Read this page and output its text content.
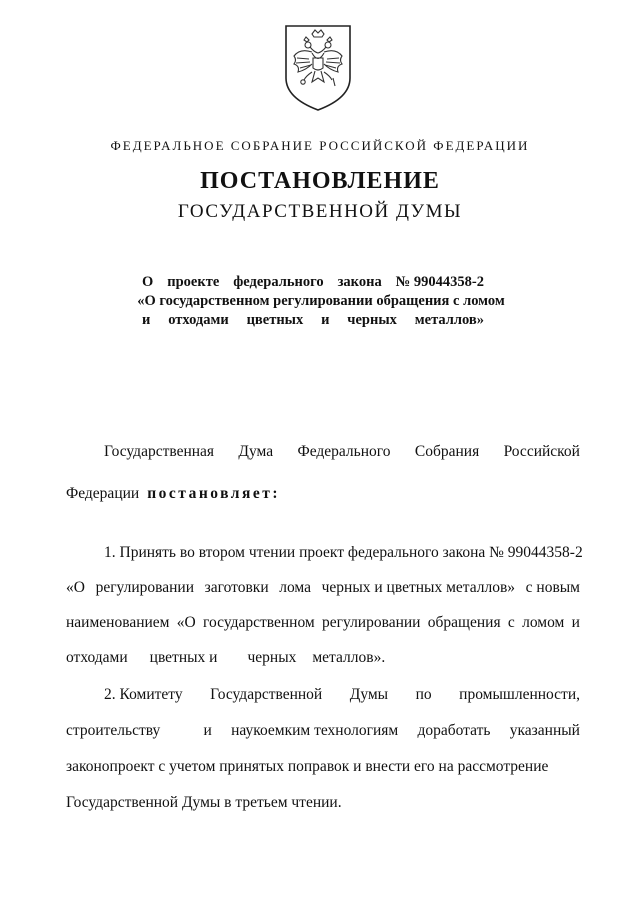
ФЕДЕРАЛЬНОЕ СОБРАНИЕ РОССИЙСКОЙ ФЕДЕРАЦИИ
ПОСТАНОВЛЕНИЕ
ГОСУДАРСТВЕННОЙ ДУМЫ
О проекте федерального закона № 99044358-2
«О государственном регулировании обращения с ломом
и отходами цветных и черных металлов»
Государственная Дума Федерального Собрания Российской
Федерации постановляет:
1. Принять во втором чтении проект федерального закона № 99044358-2
«О регулировании заготовки лома черных и цветных металлов» с новым
наименованием «О государственном регулировании обращения с ломом и
отходами цветных и черных металлов».
2. Комитету Государственной Думы по промышленности,
строительству	и наукоемким технологиям доработать указанный
законопроект с учетом принятых поправок и внести его на рассмотрение
Государственной Думы в третьем чтении.
